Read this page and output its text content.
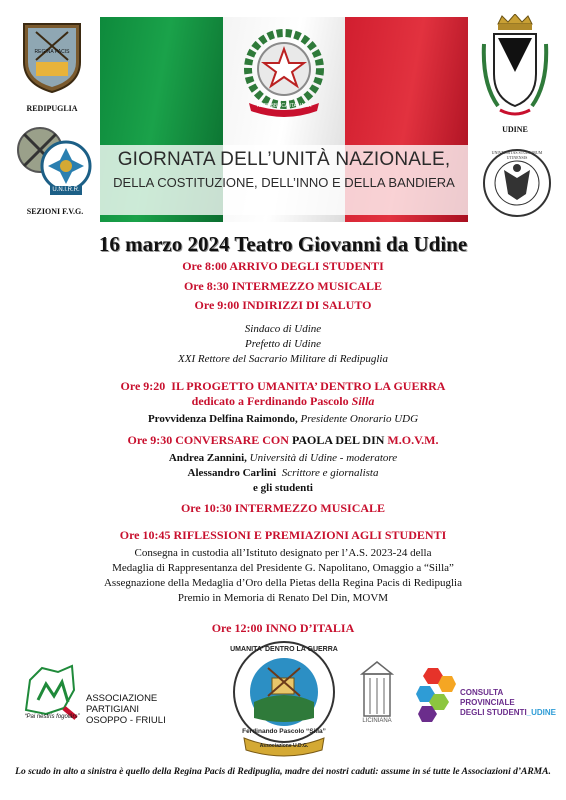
REGINA PACIS
REDIPUGLIA
U.N.I.R.R.
SEZIONI F.V.G.
REPUBBLICA ITALIANA
GIORNATA DELL’UNITÀ NAZIONALE,
DELLA COSTITUZIONE, DELL’INNO E DELLA BANDIERA
UDINE
UNIVERSITAS STUDIORUM UTINENSIS
16 marzo 2024 Teatro Giovanni da Udine
Ore 8:00 ARRIVO DEGLI STUDENTI
Ore 8:30 INTERMEZZO MUSICALE
Ore 9:00 INDIRIZZI DI SALUTO
Sindaco di Udine
Prefetto di Udine
XXI Rettore del Sacrario Militare di Redipuglia
Ore 9:20 IL PROGETTO UMANITA’ DENTRO LA GUERRA
dedicato a Ferdinando Pascolo Silla
Provvidenza Delfina Raimondo, Presidente Onorario UDG
Ore 9:30 CONVERSARE CON PAOLA DEL DIN M.O.V.M.
Andrea Zannini, Università di Udine - moderatore
Alessandro Carlini Scrittore e giornalista
e gli studenti
Ore 10:30 INTERMEZZO MUSICALE
Ore 10:45 RIFLESSIONI E PREMIAZIONI AGLI STUDENTI
Consegna in custodia all’Istituto designato per l’A.S. 2023-24 della
Medaglia di Rappresentanza del Presidente G. Napolitano, Omaggio a “Silla”
Assegnazione della Medaglia d’Oro della Pietas della Regina Pacis di Redipuglia
Premio in Memoria di Renato Del Din, MOVM
Ore 12:00 INNO D’ITALIA
“Pai nestris fogolârs”
ASSOCIAZIONE
PARTIGIANI
OSOPPO - FRIULI
UMANITA’ DENTRO LA GUERRA
Ferdinando Pascolo “Silla”
Associazione U.D.G.
LICINIANA
CONSULTA PROVINCIALE
DEGLI STUDENTI_UDINE
Lo scudo in alto a sinistra è quello della Regina Pacis di Redipuglia, madre dei nostri caduti: assume in sé tutte le Associazioni d’ARMA.
